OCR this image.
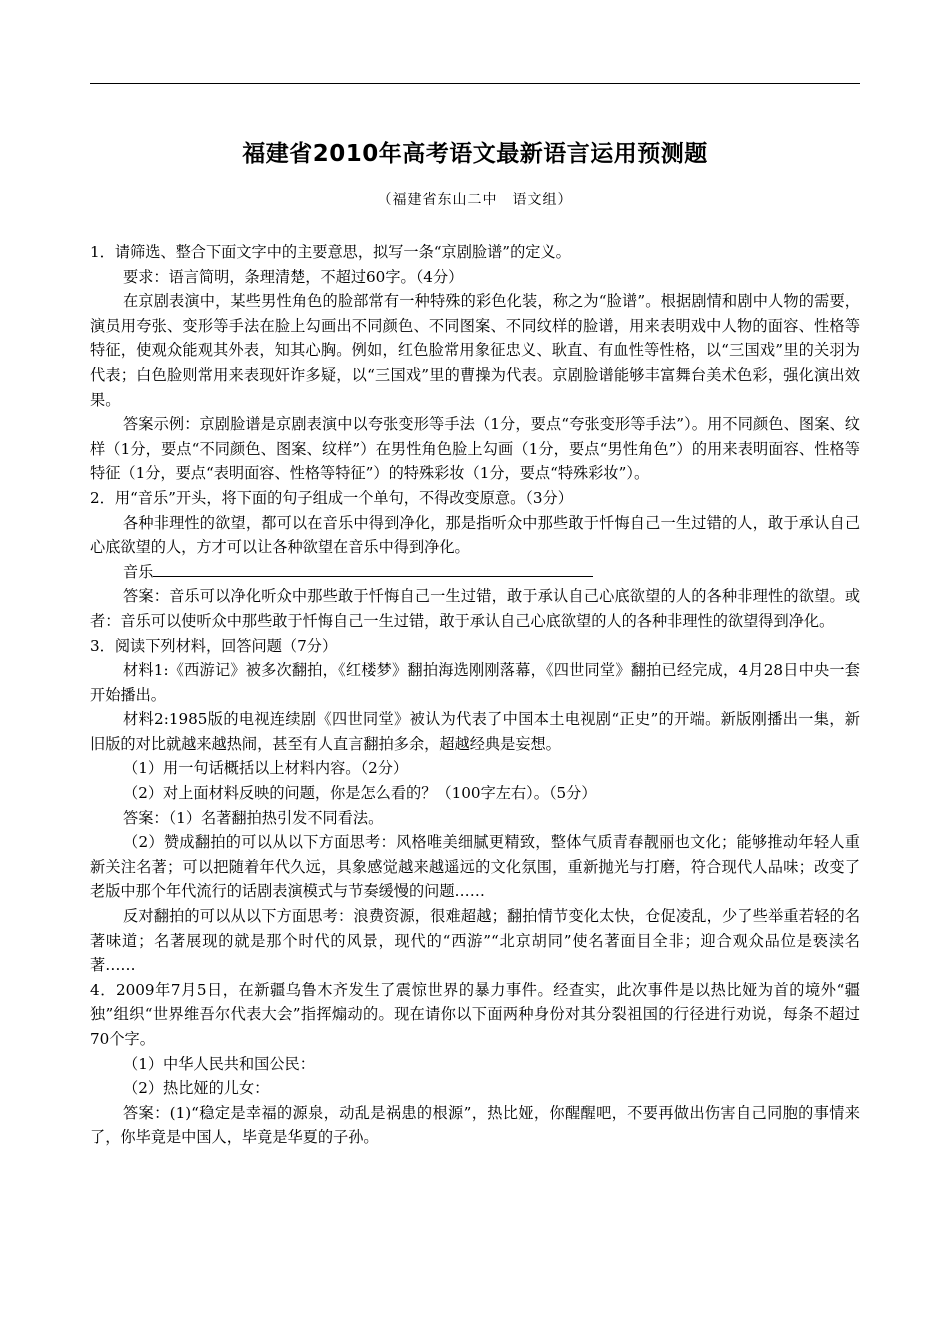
福建省2010年高考语文最新语言运用预测题
（福建省东山二中　语文组）

1．请筛选、整合下面文字中的主要意思，拟写一条“京剧脸谱”的定义。

要求：语言简明，条理清楚，不超过60字。（4分）

在京剧表演中，某些男性角色的脸部常有一种特殊的彩色化装，称之为“脸谱”。根据剧情和剧中人物的需要，演员用夸张、变形等手法在脸上勾画出不同颜色、不同图案、不同纹样的脸谱，用来表明戏中人物的面容、性格等特征，使观众能观其外表，知其心胸。例如，红色脸常用象征忠义、耿直、有血性等性格，以“三国戏”里的关羽为代表；白色脸则常用来表现奸诈多疑，以“三国戏”里的曹操为代表。京剧脸谱能够丰富舞台美术色彩，强化演出效果。

答案示例：京剧脸谱是京剧表演中以夸张变形等手法（1分，要点“夸张变形等手法”）。用不同颜色、图案、纹样（1分，要点“不同颜色、图案、纹样”）在男性角色脸上勾画（1分，要点“男性角色”）的用来表明面容、性格等特征（1分，要点“表明面容、性格等特征”）的特殊彩妆（1分，要点“特殊彩妆”）。

2．用“音乐”开头，将下面的句子组成一个单句，不得改变原意。（3分）

各种非理性的欲望，都可以在音乐中得到净化，那是指听众中那些敢于忏悔自己一生过错的人，敢于承认自己心底欲望的人，方才可以让各种欲望在音乐中得到净化。

音乐

答案：音乐可以净化听众中那些敢于忏悔自己一生过错，敢于承认自己心底欲望的人的各种非理性的欲望。或者：音乐可以使听众中那些敢于忏悔自己一生过错，敢于承认自己心底欲望的人的各种非理性的欲望得到净化。

3．阅读下列材料，回答问题（7分）

材料1:《西游记》被多次翻拍，《红楼梦》翻拍海选刚刚落幕，《四世同堂》翻拍已经完成，4月28日中央一套开始播出。

材料2:1985版的电视连续剧《四世同堂》被认为代表了中国本土电视剧“正史”的开端。新版刚播出一集，新旧版的对比就越来越热闹，甚至有人直言翻拍多余，超越经典是妄想。

（1）用一句话概括以上材料内容。（2分）

（2）对上面材料反映的问题，你是怎么看的？（100字左右）。（5分）

答案：（1）名著翻拍热引发不同看法。

（2）赞成翻拍的可以从以下方面思考：风格唯美细腻更精致，整体气质青春靓丽也文化；能够推动年轻人重新关注名著；可以把随着年代久远，具象感觉越来越遥远的文化氛围，重新抛光与打磨，符合现代人品味；改变了老版中那个年代流行的话剧表演模式与节奏缓慢的问题……

反对翻拍的可以从以下方面思考：浪费资源，很难超越；翻拍情节变化太快，仓促凌乱，少了些举重若轻的名著味道；名著展现的就是那个时代的风景，现代的“西游”“北京胡同”使名著面目全非；迎合观众品位是亵渎名著……

4．2009年7月5日，在新疆乌鲁木齐发生了震惊世界的暴力事件。经查实，此次事件是以热比娅为首的境外“疆独”组织“世界维吾尔代表大会”指挥煽动的。现在请你以下面两种身份对其分裂祖国的行径进行劝说，每条不超过70个字。

（1）中华人民共和国公民：

（2）热比娅的儿女：

答案：(1)“稳定是幸福的源泉，动乱是祸患的根源”，热比娅，你醒醒吧，不要再做出伤害自己同胞的事情来了，你毕竟是中国人，毕竟是华夏的子孙。
